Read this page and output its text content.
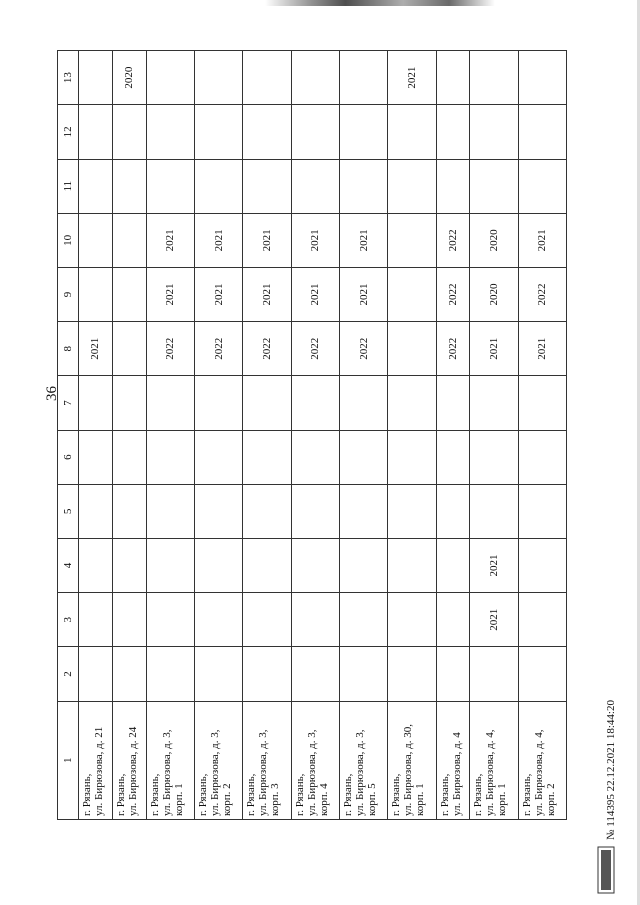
36
1	2	3	4	5	6	7	8	9	10	11	12	13

г. Рязань, ул. Бирюзова, д. 21							2021					

г. Рязань, ул. Бирюзова, д. 24												2020

г. Рязань, ул. Бирюзова, д. 3, корп. 1							2022	2021	2021			

г. Рязань, ул. Бирюзова, д. 3, корп. 2							2022	2021	2021			

г. Рязань, ул. Бирюзова, д. 3, корп. 3							2022	2021	2021			

г. Рязань, ул. Бирюзова, д. 3, корп. 4							2022	2021	2021			

г. Рязань, ул. Бирюзова, д. 3, корп. 5							2022	2021	2021			

г. Рязань, ул. Бирюзова, д. 30, корп. 1												2021

г. Рязань, ул. Бирюзова, д. 4							2022	2022	2022			

г. Рязань, ул. Бирюзова, д. 4, корп. 1		2021	2021				2021	2020	2020			

г. Рязань, ул. Бирюзова, д. 4, корп. 2							2021	2022	2021			
№ 114395 22.12.2021 18:44:20
